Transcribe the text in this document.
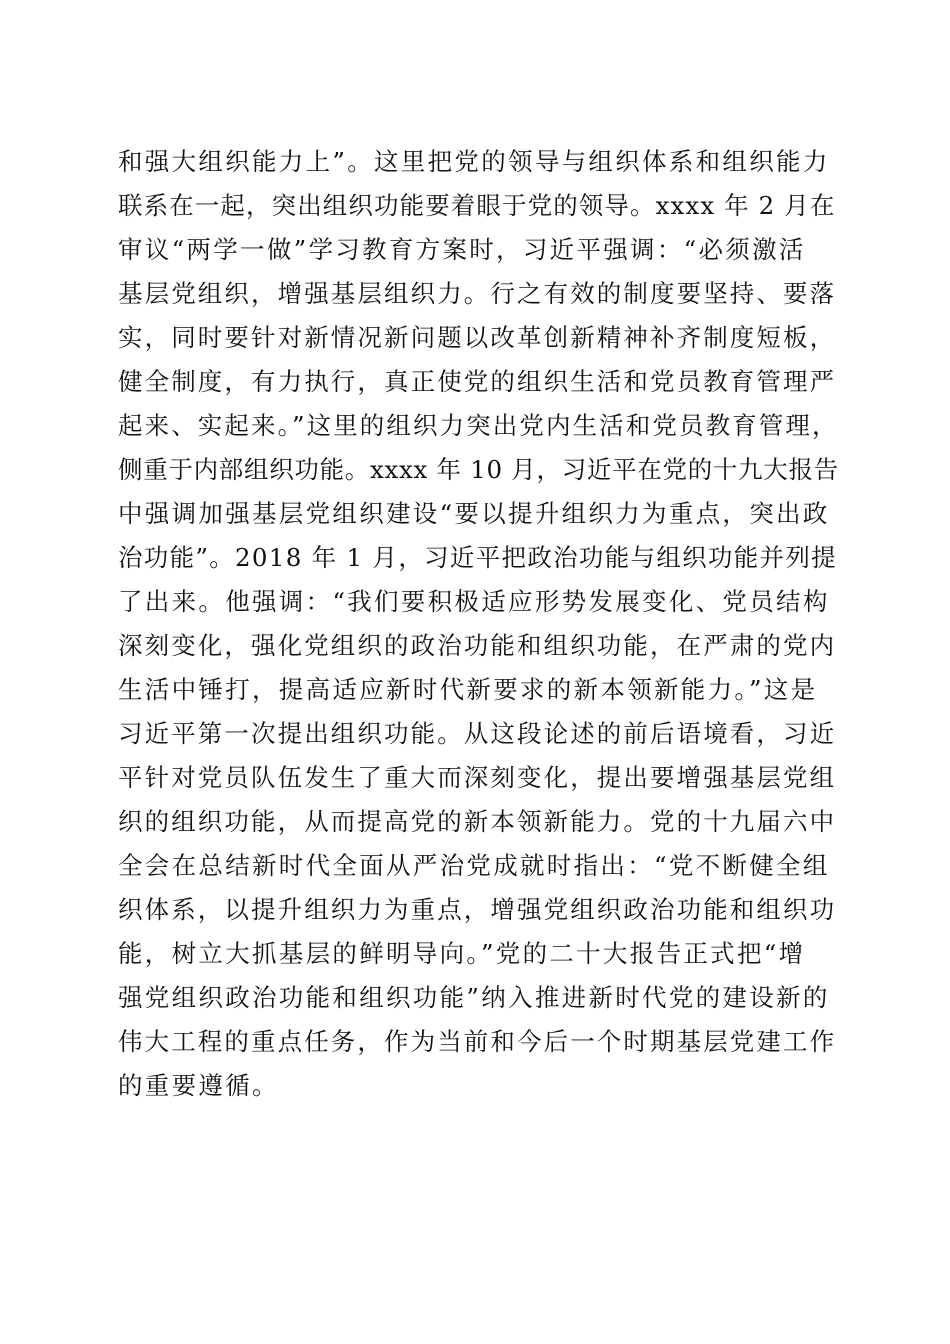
和强大组织能力上”。这里把党的领导与组织体系和组织能力
联系在一起，突出组织功能要着眼于党的领导。xxxx 年 2 月在
审议“两学一做”学习教育方案时，习近平强调：“必须激活
基层党组织，增强基层组织力。行之有效的制度要坚持、要落
实，同时要针对新情况新问题以改革创新精神补齐制度短板，
健全制度，有力执行，真正使党的组织生活和党员教育管理严
起来、实起来。”这里的组织力突出党内生活和党员教育管理，
侧重于内部组织功能。xxxx 年 10 月，习近平在党的十九大报告
中强调加强基层党组织建设“要以提升组织力为重点，突出政
治功能”。2018 年 1 月，习近平把政治功能与组织功能并列提
了出来。他强调：“我们要积极适应形势发展变化、党员结构
深刻变化，强化党组织的政治功能和组织功能，在严肃的党内
生活中锤打，提高适应新时代新要求的新本领新能力。”这是
习近平第一次提出组织功能。从这段论述的前后语境看，习近
平针对党员队伍发生了重大而深刻变化，提出要增强基层党组
织的组织功能，从而提高党的新本领新能力。党的十九届六中
全会在总结新时代全面从严治党成就时指出：“党不断健全组
织体系，以提升组织力为重点，增强党组织政治功能和组织功
能，树立大抓基层的鲜明导向。”党的二十大报告正式把“增
强党组织政治功能和组织功能”纳入推进新时代党的建设新的
伟大工程的重点任务，作为当前和今后一个时期基层党建工作
的重要遵循。
